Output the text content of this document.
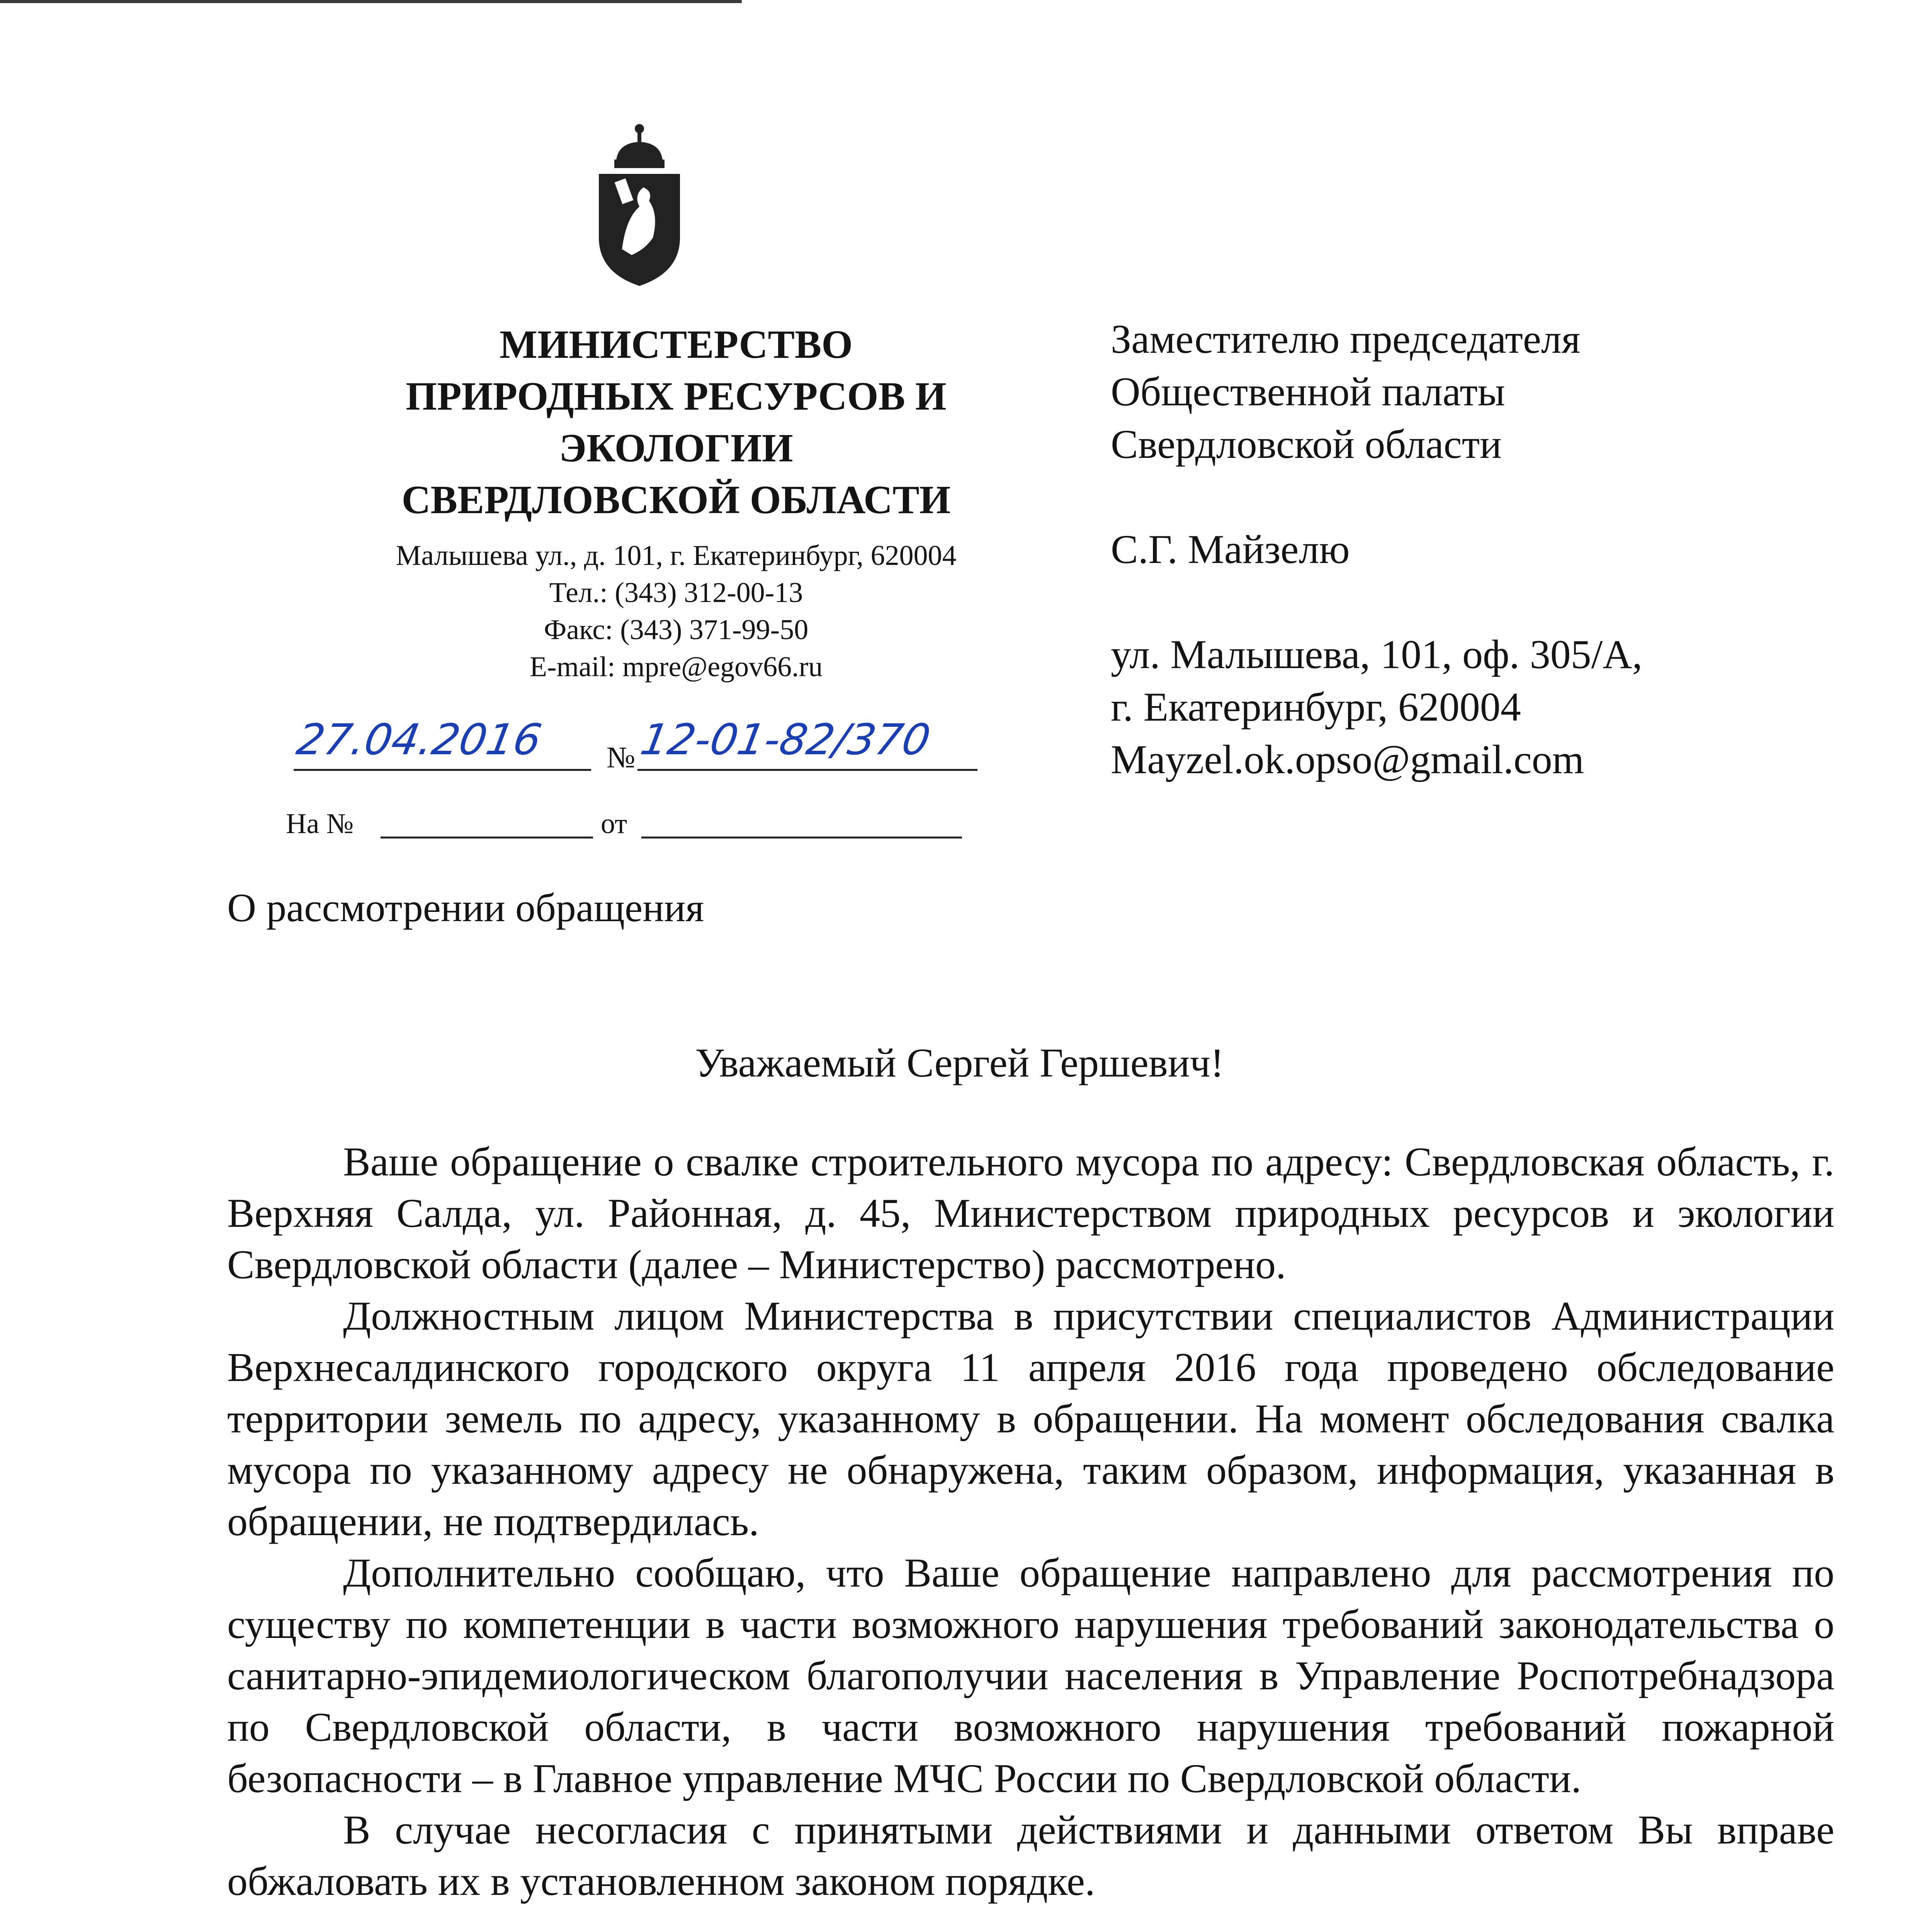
МИНИСТЕРСТВО
ПРИРОДНЫХ РЕСУРСОВ И
ЭКОЛОГИИ
СВЕРДЛОВСКОЙ ОБЛАСТИ
Малышева ул., д. 101, г. Екатеринбург, 620004
Тел.: (343) 312-00-13
Факс: (343) 371-99-50
E-mail: mpre@egov66.ru
27.04.2016 № 12-01-82/370
На №	от
Заместителю председателя
Общественной палаты
Свердловской области
С.Г. Майзелю
ул. Малышева, 101, оф. 305/А,
г. Екатеринбург, 620004
Mayzel.ok.opso@gmail.com
О рассмотрении обращения
Уважаемый Сергей Гершевич!

Ваше обращение о свалке строительного мусора по адресу: Свердловская область, г. Верхняя Салда, ул. Районная, д. 45, Министерством природных ресурсов и экологии Свердловской области (далее – Министерство) рассмотрено.

Должностным лицом Министерства в присутствии специалистов Администрации Верхнесалдинского городского округа 11 апреля 2016 года проведено обследование территории земель по адресу, указанному в обращении. На момент обследования свалка мусора по указанному адресу не обнаружена, таким образом, информация, указанная в обращении, не подтвердилась.

Дополнительно сообщаю, что Ваше обращение направлено для рассмотрения по существу по компетенции в части возможного нарушения требований законодательства о санитарно-эпидемиологическом благополучии населения в Управление Роспотребнадзора по Свердловской области, в части возможного нарушения требований пожарной безопасности – в Главное управление МЧС России по Свердловской области.

В случае несогласия с принятыми действиями и данными ответом Вы вправе обжаловать их в установленном законом порядке.
